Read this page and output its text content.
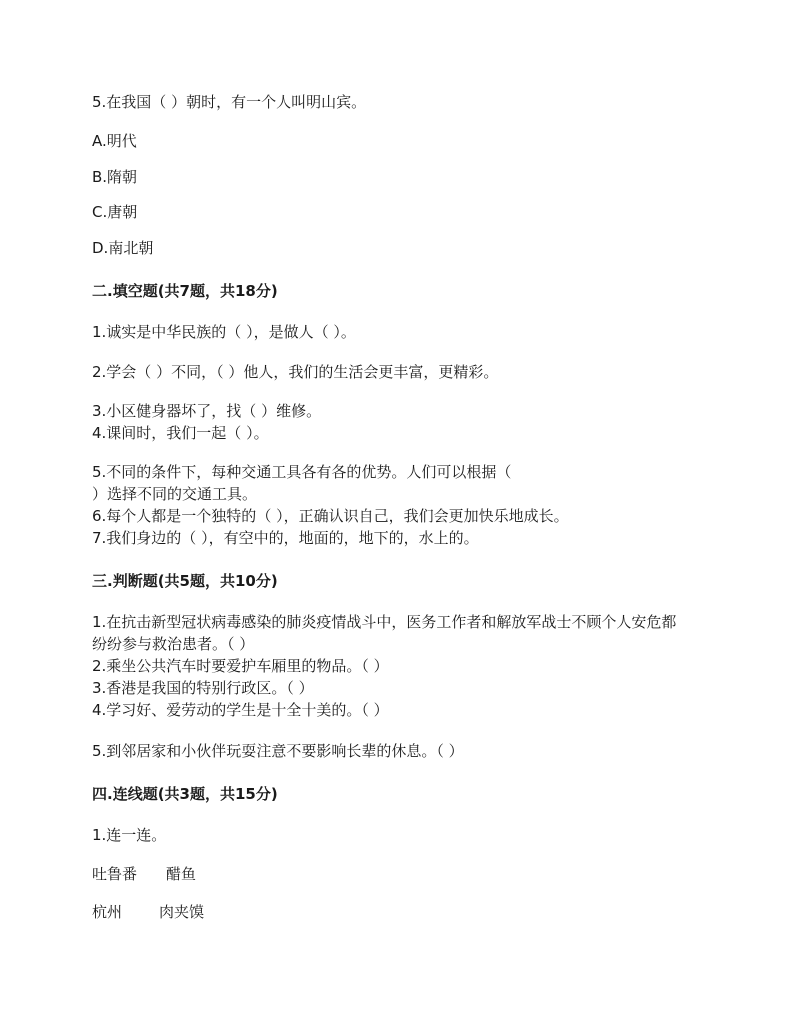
5.在我国（ ）朝时，有一个人叫明山宾。
A.明代
B.隋朝
C.唐朝
D.南北朝
二.填空题(共7题，共18分)
1.诚实是中华民族的（ ），是做人（ ）。
2.学会（ ）不同，（ ）他人，我们的生活会更丰富，更精彩。
3.小区健身器坏了，找（ ）维修。
4.课间时，我们一起（ ）。
5.不同的条件下，每种交通工具各有各的优势。人们可以根据（
）选择不同的交通工具。
6.每个人都是一个独特的（ ），正确认识自己，我们会更加快乐地成长。
7.我们身边的（ ），有空中的，地面的，地下的，水上的。
三.判断题(共5题，共10分)
1.在抗击新型冠状病毒感染的肺炎疫情战斗中，医务工作者和解放军战士不顾个人安危都
纷纷参与救治患者。（ ）
2.乘坐公共汽车时要爱护车厢里的物品。（ ）
3.香港是我国的特别行政区。（ ）
4.学习好、爱劳动的学生是十全十美的。（ ）
5.到邻居家和小伙伴玩耍注意不要影响长辈的休息。（ ）
四.连线题(共3题，共15分)
1.连一连。
吐鲁番 醋鱼
杭州 肉夹馍
